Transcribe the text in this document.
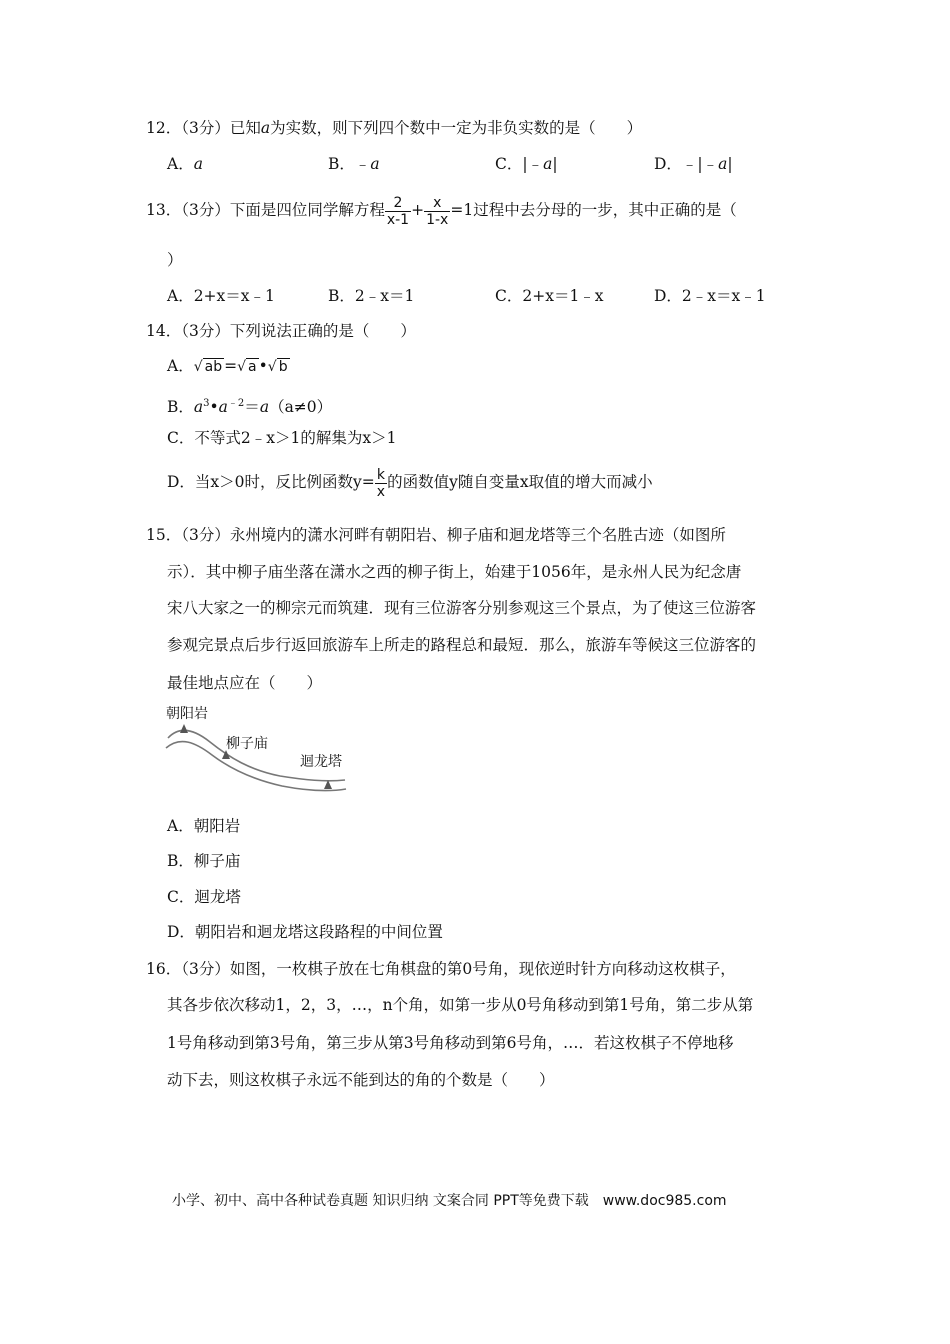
12．（3分）已知a为实数，则下列四个数中一定为非负实数的是（　　）
A．a	B．﹣a	C．|﹣a|	D．﹣|﹣a|
13．（3分）下面是四位同学解方程 $\frac{2}{x-1} + \frac{x}{1-x} =1$过程中去分母的一步，其中正确的是（
）
A．2+x＝x﹣1	B．2﹣x＝1	C．2+x＝1﹣x	D．2﹣x＝x﹣1
14．（3分）下列说法正确的是（　　）
A．√ ab =√ a •√ b
B．$a^3•a^{﹣2}=a(a\ne 0)$
C．不等式2﹣x＞1的解集为x＞1
D．当x＞0时，反比例函数$y= \frac{k}{x}$ 的函数值y随自变量x取值的增大而减小
15．（3分）永州境内的潇水河畔有朝阳岩、柳子庙和迴龙塔等三个名胜古迹（如图所
示）．其中柳子庙坐落在潇水之西的柳子街上，始建于1056年，是永州人民为纪念唐
宋八大家之一的柳宗元而筑建．现有三位游客分别参观这三个景点，为了使这三位游客
参观完景点后步行返回旅游车上所走的路程总和最短．那么，旅游车等候这三位游客的
最佳地点应在（　　）
朝阳岩
柳子庙
迴龙塔
A．朝阳岩
B．柳子庙
C．迴龙塔
D．朝阳岩和迴龙塔这段路程的中间位置
16．（3分）如图，一枚棋子放在七角棋盘的第0号角，现依逆时针方向移动这枚棋子，
其各步依次移动1，2，3，…，n个角，如第一步从0号角移动到第1号角，第二步从第
1号角移动到第3号角，第三步从第3号角移动到第6号角，…．若这枚棋子不停地移
动下去，则这枚棋子永远不能到达的角的个数是（　　）
小学、初中、高中各种试卷真题 知识归纳 文案合同 PPT等免费下载　www.doc985.com
